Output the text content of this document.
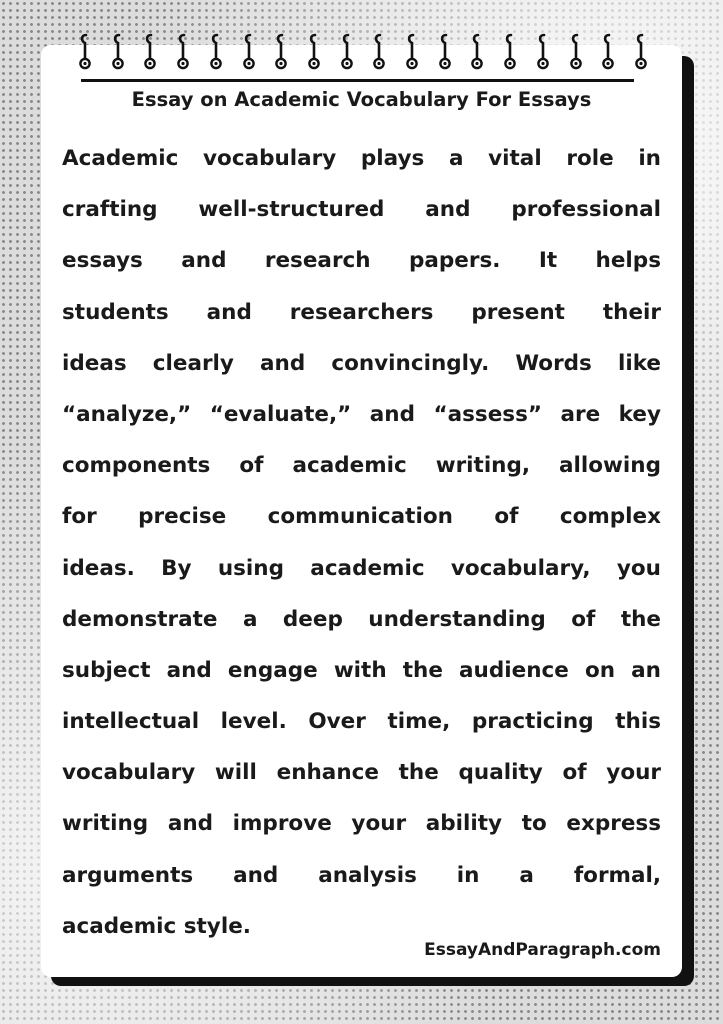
Essay on Academic Vocabulary For Essays
Academic vocabulary plays a vital role in
crafting well-structured and professional
essays and research papers. It helps
students and researchers present their
ideas clearly and convincingly. Words like
“analyze,” “evaluate,” and “assess” are key
components of academic writing, allowing
for precise communication of complex
ideas. By using academic vocabulary, you
demonstrate a deep understanding of the
subject and engage with the audience on an
intellectual level. Over time, practicing this
vocabulary will enhance the quality of your
writing and improve your ability to express
arguments and analysis in a formal,
academic style.
EssayAndParagraph.com
